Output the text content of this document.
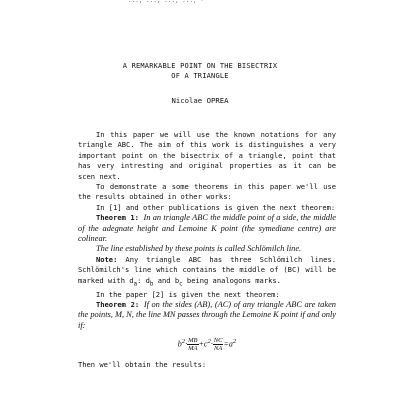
..., ..., ..., ..., ·
A REMARKABLE POINT ON THE BISECTRIX
OF A TRIANGLE
Nicolae OPREA

In this paper we will use the known notations for any triangle ABC. The aim of this work is distinguishes a very important point on the bisectrix of a triangle, point that has very intresting and original properties as it can be scen next.

To demonstrate a some theorems in this paper we'll use the results obtained in other works:

In [1] and other publications is given the next theorem:

Theorem 1: In an triangle ABC the middle point of a side, the middle of the adegnate height and Lemoine K point (the symediane centre) are colinear.

The line established by these points is called Schlömilch line.

Note: Any triangle ABC has three Schlömilch lines. Schlömilch's line which contains the middle of (BC) will be marked with $d_a$: $d_b$ and $b_c$ being analogons marks.

In the paper [2] is given the next theorem:

Theorem 2: If on the sides (AB), (AC) of any triangle ABC are taken the points, M, N, the line MN passes through the Lemoine K point if and only if:

$b^2\cdot \frac{MB}{MA} +c^2\cdot \frac{NC}{NA} =a^2$

Then we'll obtain the results:
